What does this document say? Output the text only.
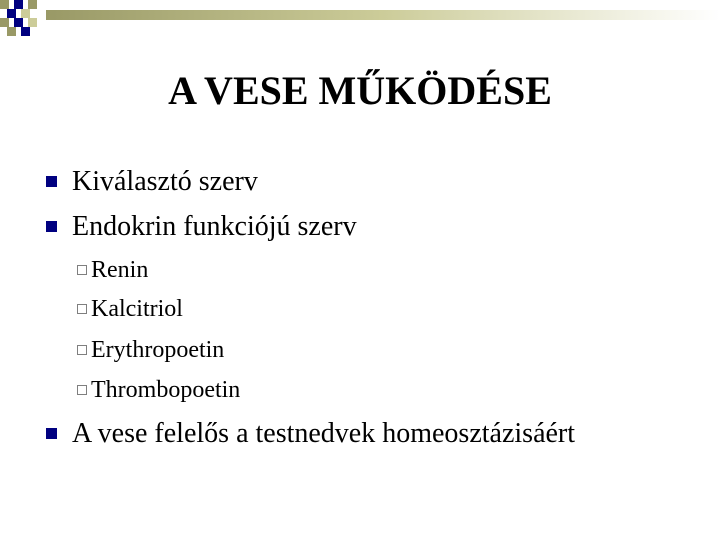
A VESE MŰKÖDÉSE
Kiválasztó szerv
Endokrin funkciójú szerv
Renin
Kalcitriol
Erythropoetin
Thrombopoetin
A vese felelős a testnedvek homeosztázisáért
